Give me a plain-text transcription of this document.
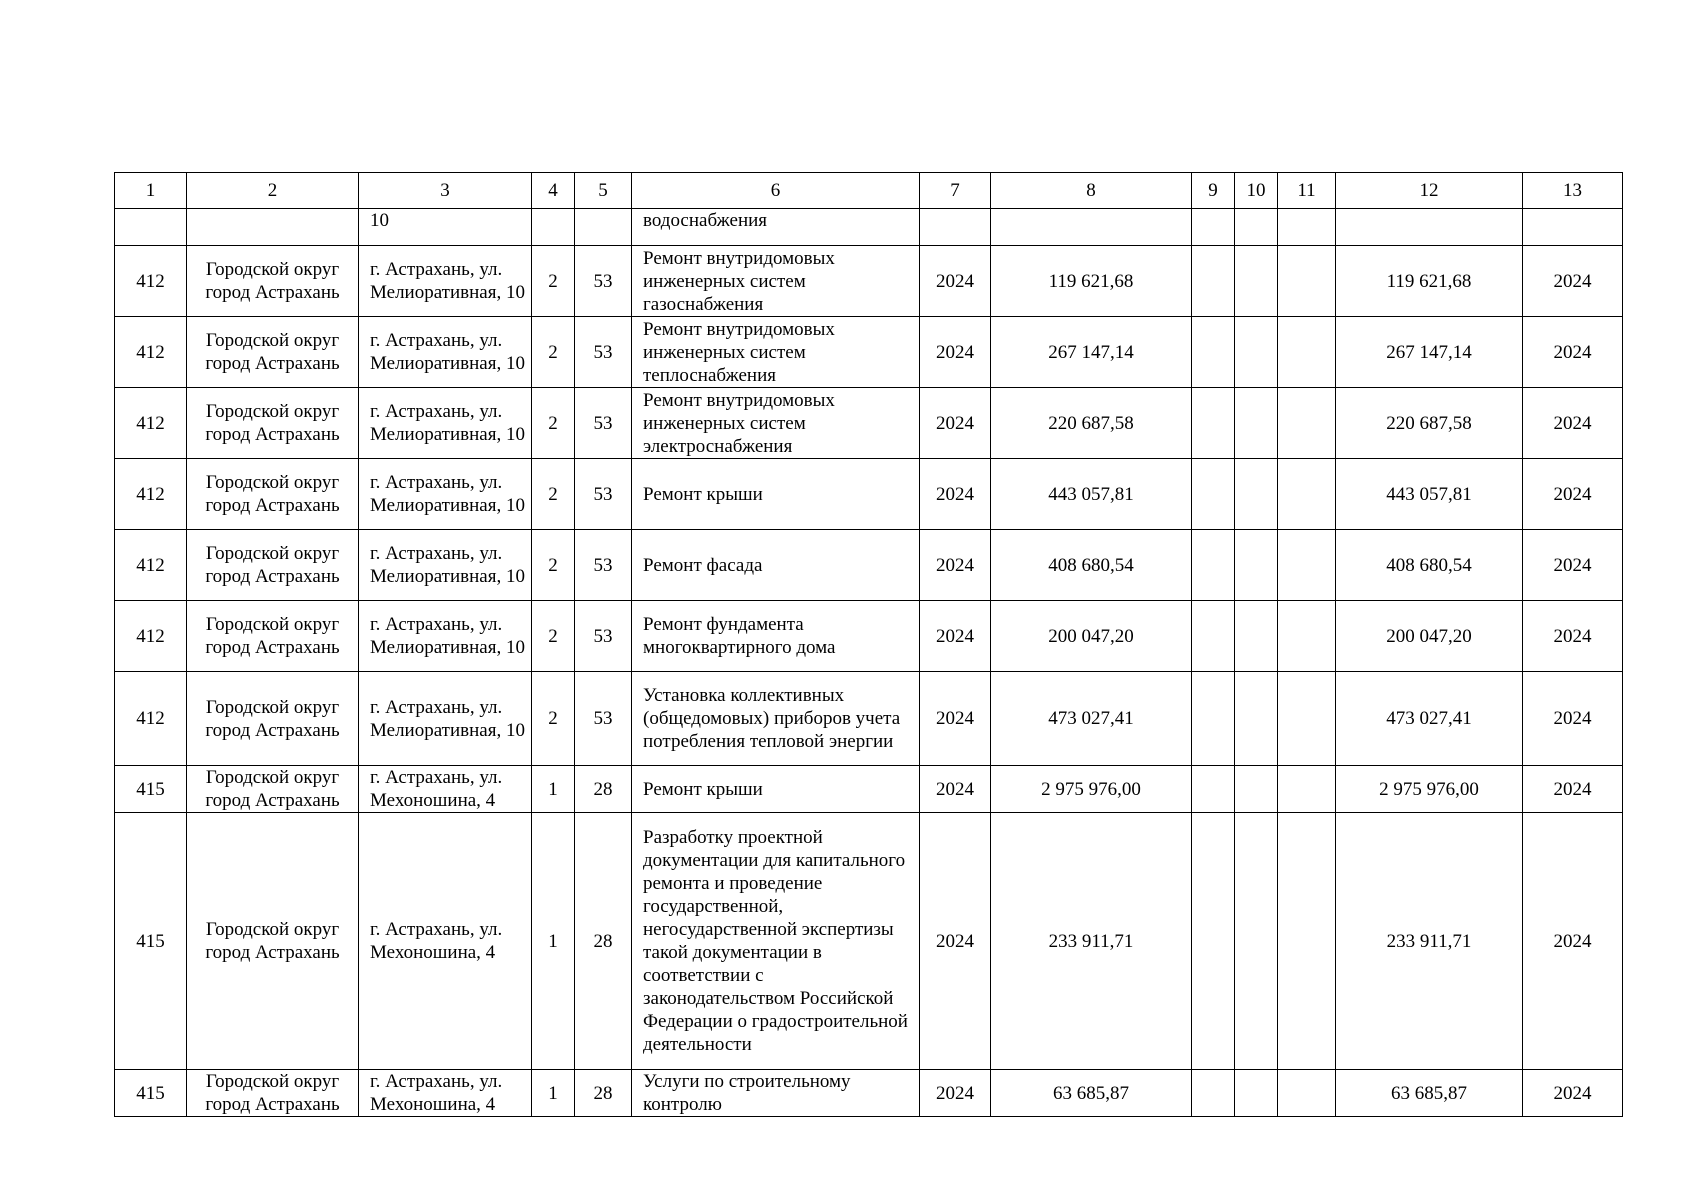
1	2	3	4	5	6	7	8	9	10	11	12	13
		10			водоснабжения							
412	Городской округ город Астрахань	г. Астрахань, ул. Мелиоративная, 10	2	53	Ремонт внутридомовых инженерных систем газоснабжения	2024	119 621,68				119 621,68	2024
412	Городской округ город Астрахань	г. Астрахань, ул. Мелиоративная, 10	2	53	Ремонт внутридомовых инженерных систем теплоснабжения	2024	267 147,14				267 147,14	2024
412	Городской округ город Астрахань	г. Астрахань, ул. Мелиоративная, 10	2	53	Ремонт внутридомовых инженерных систем электроснабжения	2024	220 687,58				220 687,58	2024
412	Городской округ город Астрахань	г. Астрахань, ул. Мелиоративная, 10	2	53	Ремонт крыши	2024	443 057,81				443 057,81	2024
412	Городской округ город Астрахань	г. Астрахань, ул. Мелиоративная, 10	2	53	Ремонт фасада	2024	408 680,54				408 680,54	2024
412	Городской округ город Астрахань	г. Астрахань, ул. Мелиоративная, 10	2	53	Ремонт фундамента многоквартирного дома	2024	200 047,20				200 047,20	2024
412	Городской округ город Астрахань	г. Астрахань, ул. Мелиоративная, 10	2	53	Установка коллективных (общедомовых) приборов учета потребления тепловой энергии	2024	473 027,41				473 027,41	2024
415	Городской округ город Астрахань	г. Астрахань, ул. Мехоношина, 4	1	28	Ремонт крыши	2024	2 975 976,00				2 975 976,00	2024
415	Городской округ город Астрахань	г. Астрахань, ул. Мехоношина, 4	1	28	Разработку проектной документации для капитального ремонта и проведение государственной, негосударственной экспертизы такой документации в соответствии с законодательством Российской Федерации о градостроительной деятельности	2024	233 911,71				233 911,71	2024
415	Городской округ город Астрахань	г. Астрахань, ул. Мехоношина, 4	1	28	Услуги по строительному контролю	2024	63 685,87				63 685,87	2024
